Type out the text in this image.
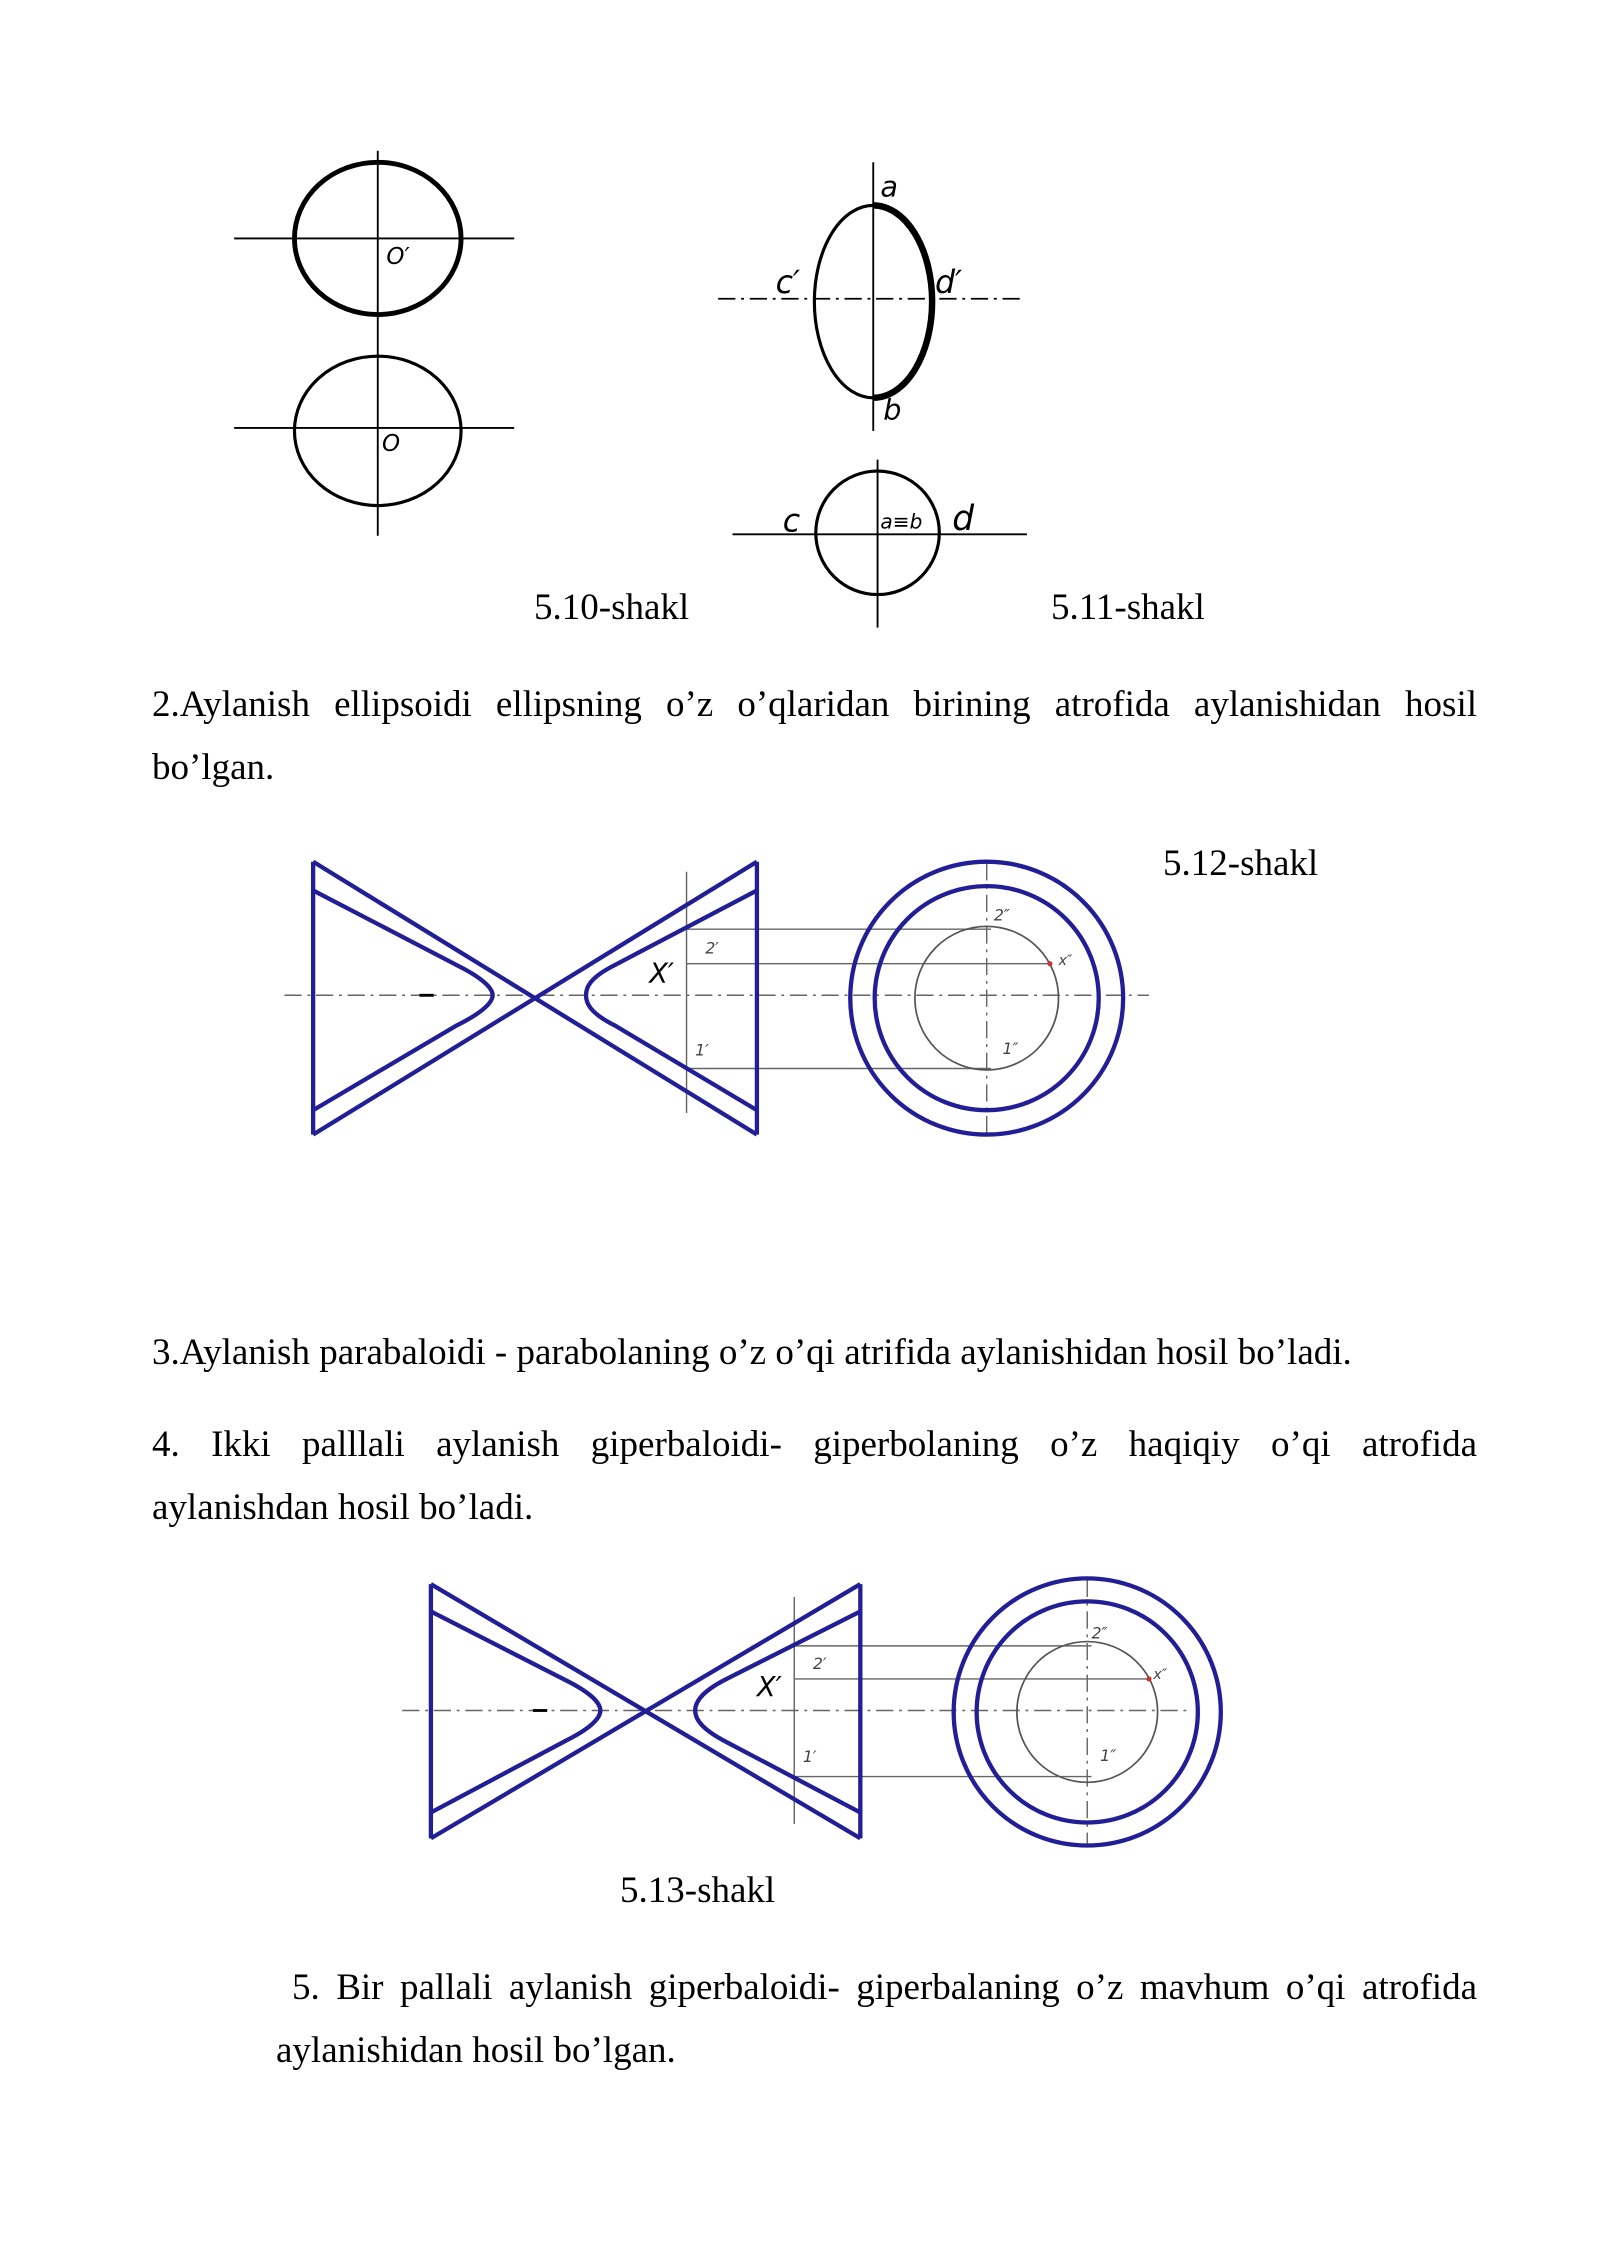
O′
O
a
c′	d′
b
c	a≡b d
2″
x″
1″
2′
X′
1′
2″
x″
1″
2′
X′
1′
5.10-shakl	5.11-shakl
5.12-shakl
5.13-shakl
2.Aylanish ellipsoidi ellipsning o’z o’qlaridan birining atrofida aylanishidan hosil
bo’lgan.
3.Aylanish parabaloidi - parabolaning o’z o’qi atrifida aylanishidan hosil bo’ladi.
4. Ikki palllali aylanish giperbaloidi- giperbolaning o’z haqiqiy o’qi atrofida
aylanishdan hosil bo’ladi.
5. Bir pallali aylanish giperbaloidi- giperbalaning o’z mavhum o’qi atrofida
aylanishidan hosil bo’lgan.
